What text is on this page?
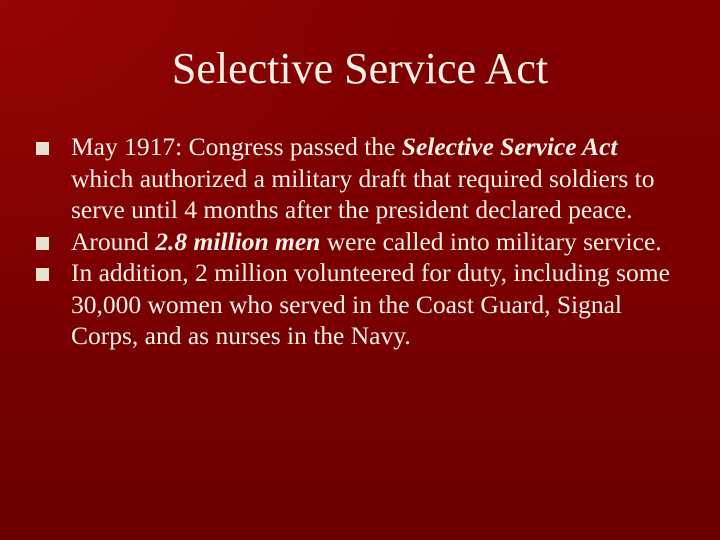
Selective Service Act
May 1917: Congress passed the Selective Service Act which authorized a military draft that required soldiers to serve until 4 months after the president declared peace.
Around 2.8 million men were called into military service.
In addition, 2 million volunteered for duty, including some 30,000 women who served in the Coast Guard, Signal Corps, and as nurses in the Navy.
